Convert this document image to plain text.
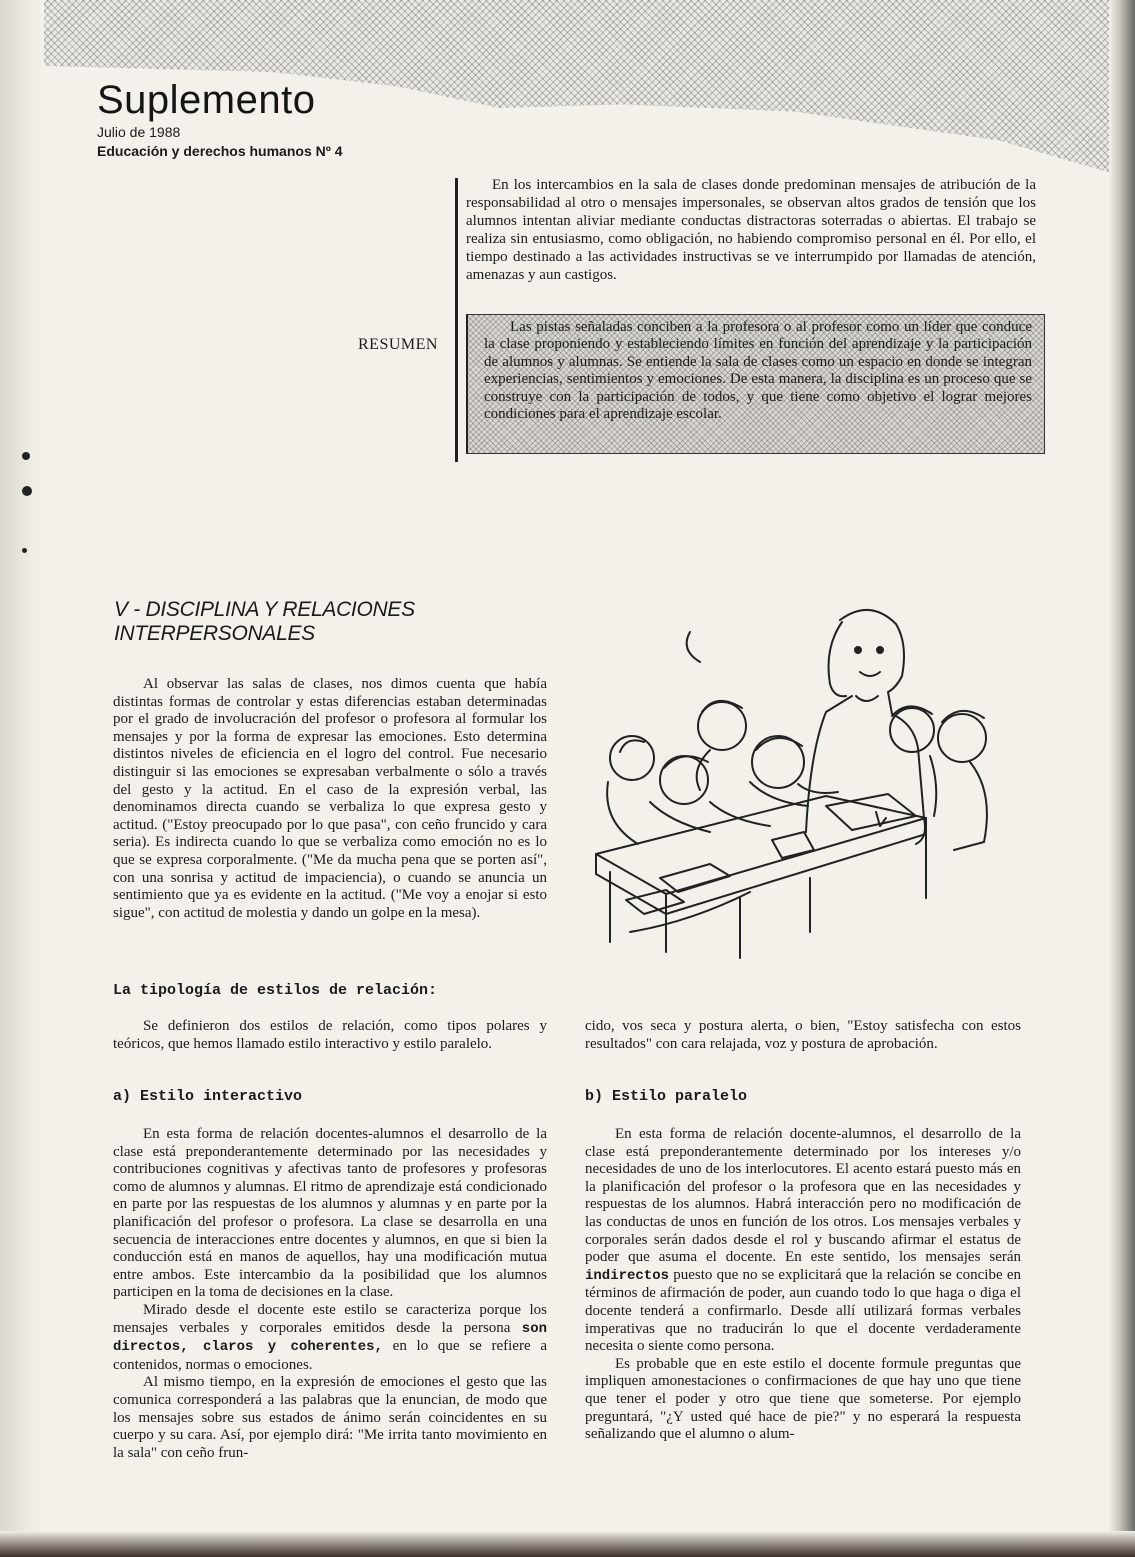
Suplemento
Julio de 1988
Educación y derechos humanos Nº 4

En los intercambios en la sala de clases donde predominan mensajes de atribución de la responsabilidad al otro o mensajes impersonales, se observan altos grados de tensión que los alumnos intentan aliviar mediante conductas distractoras soterradas o abiertas. El trabajo se realiza sin entusiasmo, como obligación, no habiendo compromiso personal en él. Por ello, el tiempo destinado a las actividades instructivas se ve interrumpido por llamadas de atención, amenazas y aun castigos.

RESUMEN

Las pistas señaladas conciben a la profesora o al profesor como un líder que conduce la clase proponiendo y estableciendo límites en función del aprendizaje y la participación de alumnos y alumnas. Se entiende la sala de clases como un espacio en donde se integran experiencias, sentimientos y emociones. De esta manera, la disciplina es un proceso que se construye con la participación de todos, y que tiene como objetivo el lograr mejores condiciones para el aprendizaje escolar.

V - DISCIPLINA Y RELACIONES
INTERPERSONALES

Al observar las salas de clases, nos dimos cuenta que había distintas formas de controlar y estas diferencias estaban determinadas por el grado de involucración del profesor o profesora al formular los mensajes y por la forma de expresar las emociones. Esto determina distintos niveles de eficiencia en el logro del control. Fue necesario distinguir si las emociones se expresaban verbalmente o sólo a través del gesto y la actitud. En el caso de la expresión verbal, las denominamos directa cuando se verbaliza lo que expresa gesto y actitud. ("Estoy preocupado por lo que pasa", con ceño fruncido y cara seria). Es indirecta cuando lo que se verbaliza como emoción no es lo que se expresa corporalmente. ("Me da mucha pena que se porten así", con una sonrisa y actitud de impaciencia), o cuando se anuncia un sentimiento que ya es evidente en la actitud. ("Me voy a enojar si esto sigue", con actitud de molestia y dando un golpe en la mesa).

La tipología de estilos de relación:

Se definieron dos estilos de relación, como tipos polares y teóricos, que hemos llamado estilo interactivo y estilo paralelo.

a) Estilo interactivo

En esta forma de relación docentes-alumnos el desarrollo de la clase está preponderantemente determinado por las necesidades y contribuciones cognitivas y afectivas tanto de profesores y profesoras como de alumnos y alumnas. El ritmo de aprendizaje está condicionado en parte por las respuestas de los alumnos y alumnas y en parte por la planificación del profesor o profesora. La clase se desarrolla en una secuencia de interacciones entre docentes y alumnos, en que si bien la conducción está en manos de aquellos, hay una modificación mutua entre ambos. Este intercambio da la posibilidad que los alumnos participen en la toma de decisiones en la clase.

Mirado desde el docente este estilo se caracteriza porque los mensajes verbales y corporales emitidos desde la persona son directos, claros y coherentes, en lo que se refiere a contenidos, normas o emociones.

Al mismo tiempo, en la expresión de emociones el gesto que las comunica corresponderá a las palabras que la enuncian, de modo que los mensajes sobre sus estados de ánimo serán coincidentes en su cuerpo y su cara. Así, por ejemplo dirá: "Me irrita tanto movimiento en la sala" con ceño frun-

cido, vos seca y postura alerta, o bien, "Estoy satisfecha con estos resultados" con cara relajada, voz y postura de aprobación.

b) Estilo paralelo

En esta forma de relación docente-alumnos, el desarrollo de la clase está preponderantemente determinado por los intereses y/o necesidades de uno de los interlocutores. El acento estará puesto más en la planificación del profesor o la profesora que en las necesidades y respuestas de los alumnos. Habrá interacción pero no modificación de las conductas de unos en función de los otros. Los mensajes verbales y corporales serán dados desde el rol y buscando afirmar el estatus de poder que asuma el docente. En este sentido, los mensajes serán indirectos puesto que no se explicitará que la relación se concibe en términos de afirmación de poder, aun cuando todo lo que haga o diga el docente tenderá a confirmarlo. Desde allí utilizará formas verbales imperativas que no traducirán lo que el docente verdaderamente necesita o siente como persona.

Es probable que en este estilo el docente formule preguntas que impliquen amonestaciones o confirmaciones de que hay uno que tiene que tener el poder y otro que tiene que someterse. Por ejemplo preguntará, "¿Y usted qué hace de pie?" y no esperará la respuesta señalizando que el alumno o alum-
